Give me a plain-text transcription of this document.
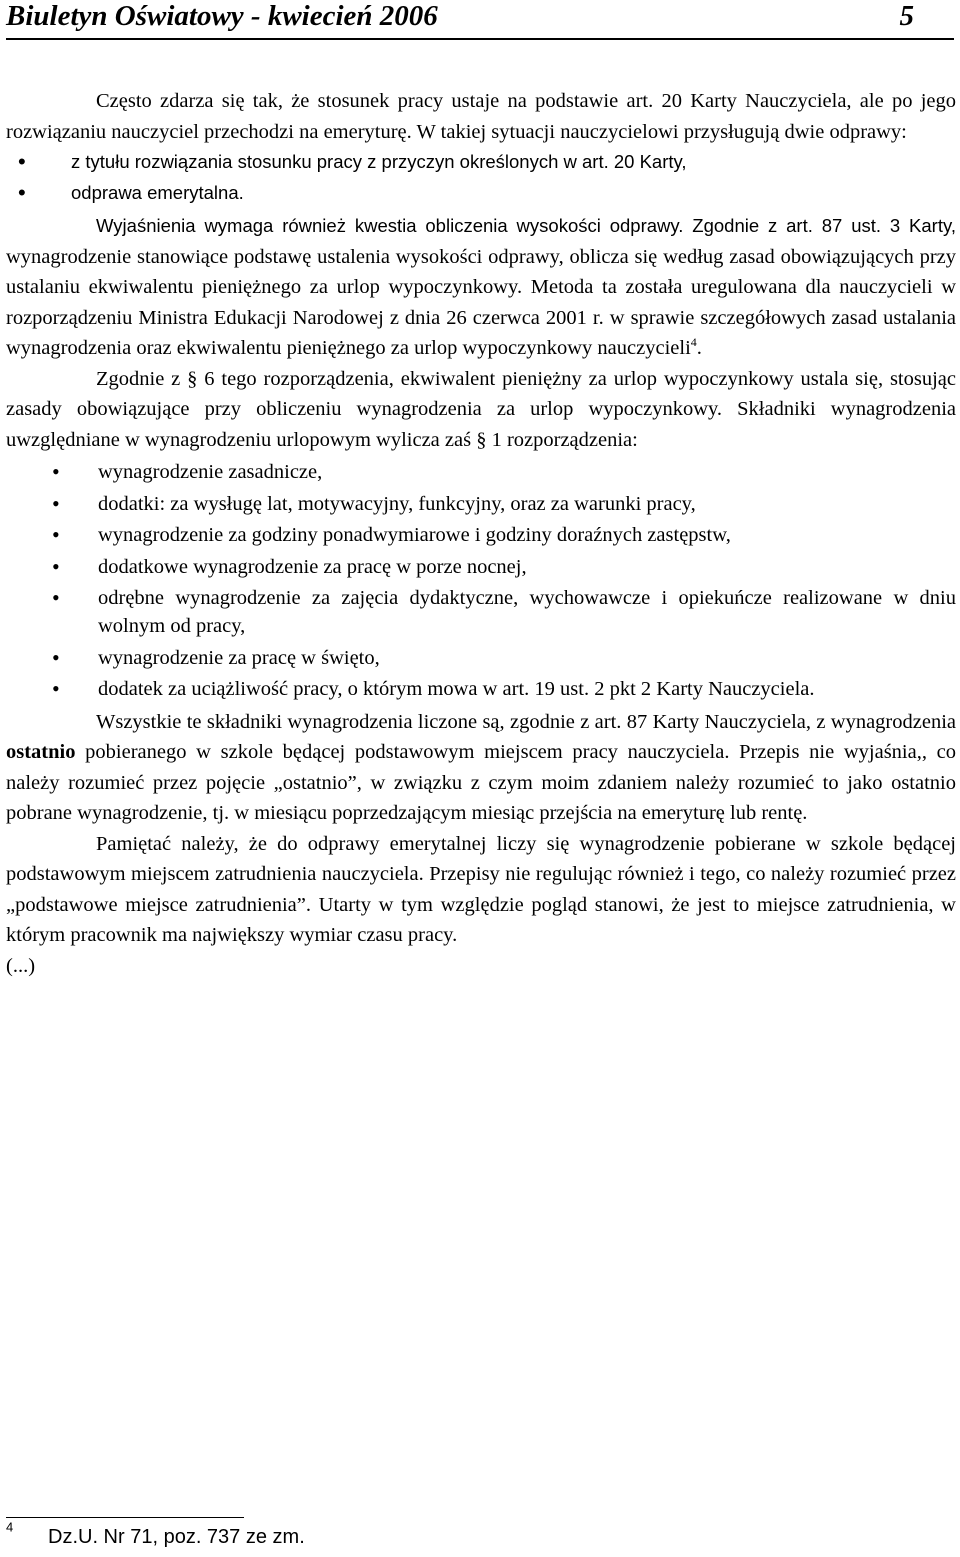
Biuletyn Oświatowy - kwiecień 2006	5

Często zdarza się tak, że stosunek pracy ustaje na podstawie art. 20 Karty Nauczyciela, ale po jego rozwiązaniu nauczyciel przechodzi na emeryturę. W takiej sytuacji nauczycielowi przysługują dwie odprawy:

• z tytułu rozwiązania stosunku pracy z przyczyn określonych w art. 20 Karty,
• odprawa emerytalna.

Wyjaśnienia wymaga również kwestia obliczenia wysokości odprawy. Zgodnie z art. 87 ust. 3 Karty, wynagrodzenie stanowiące podstawę ustalenia wysokości odprawy, oblicza się według zasad obowiązujących przy ustalaniu ekwiwalentu pieniężnego za urlop wypoczynkowy. Metoda ta została uregulowana dla nauczycieli w rozporządzeniu Ministra Edukacji Narodowej z dnia 26 czerwca 2001 r. w sprawie szczegółowych zasad ustalania wynagrodzenia oraz ekwiwalentu pieniężnego za urlop wypoczynkowy nauczycieli$^4$.

Zgodnie z § 6 tego rozporządzenia, ekwiwalent pieniężny za urlop wypoczynkowy ustala się, stosując zasady obowiązujące przy obliczeniu wynagrodzenia za urlop wypoczynkowy. Składniki wynagrodzenia uwzględniane w wynagrodzeniu urlopowym wylicza zaś § 1 rozporządzenia:

• wynagrodzenie zasadnicze,
• dodatki: za wysługę lat, motywacyjny, funkcyjny, oraz za warunki pracy,
• wynagrodzenie za godziny ponadwymiarowe i godziny doraźnych zastępstw,
• dodatkowe wynagrodzenie za pracę w porze nocnej,
• odrębne wynagrodzenie za zajęcia dydaktyczne, wychowawcze i opiekuńcze realizowane w dniu wolnym od pracy,
• wynagrodzenie za pracę w święto,
• dodatek za uciążliwość pracy, o którym mowa w art. 19 ust. 2 pkt 2 Karty Nauczyciela.

Wszystkie te składniki wynagrodzenia liczone są, zgodnie z art. 87 Karty Nauczyciela, z wynagrodzenia ostatnio pobieranego w szkole będącej podstawowym miejscem pracy nauczyciela. Przepis nie wyjaśnia,, co należy rozumieć przez pojęcie „ostatnio”, w związku z czym moim zdaniem należy rozumieć to jako ostatnio pobrane wynagrodzenie, tj. w miesiącu poprzedzającym miesiąc przejścia na emeryturę lub rentę.

Pamiętać należy, że do odprawy emerytalnej liczy się wynagrodzenie pobierane w szkole będącej podstawowym miejscem zatrudnienia nauczyciela. Przepisy nie regulując również i tego, co należy rozumieć przez „podstawowe miejsce zatrudnienia”. Utarty w tym względzie pogląd stanowi, że jest to miejsce zatrudnienia, w którym pracownik ma największy wymiar czasu pracy.

(...)

$^4$ Dz.U. Nr 71, poz. 737 ze zm.
